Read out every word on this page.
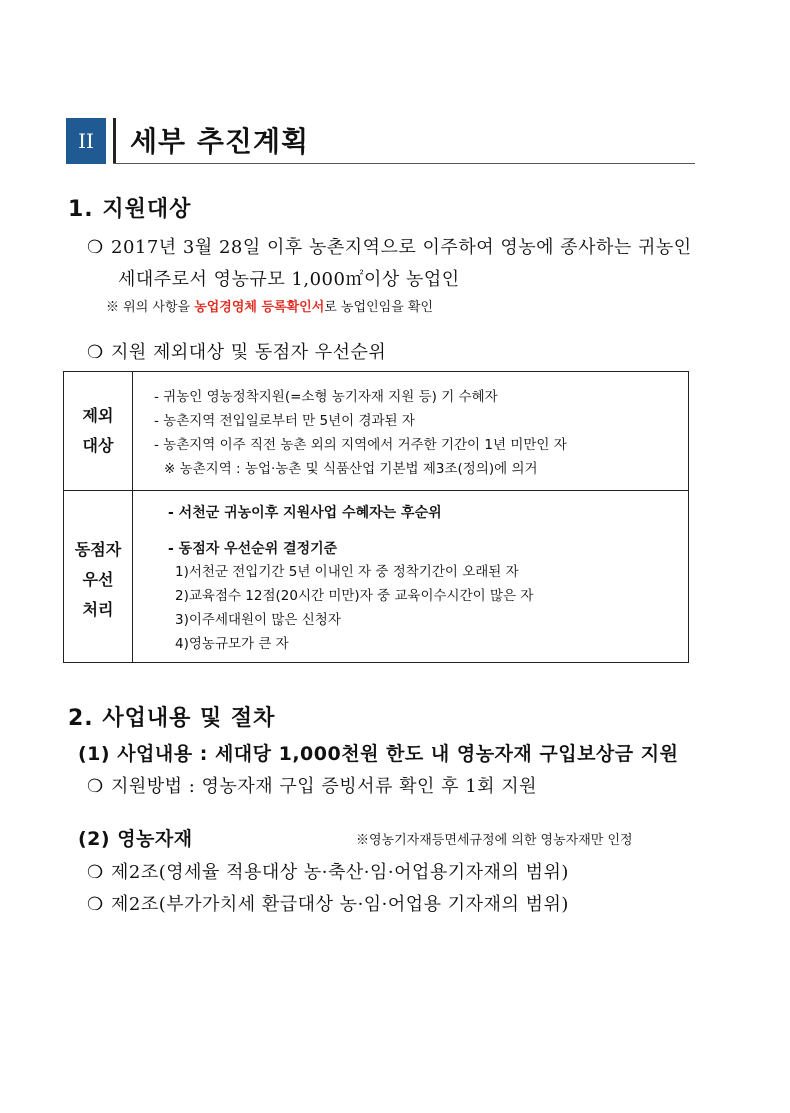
II 세부 추진계획
1. 지원대상
❍ 2017년 3월 28일 이후 농촌지역으로 이주하여 영농에 종사하는 귀농인
세대주로서 영농규모 1,000㎡이상 농업인
※ 위의 사항을 농업경영체 등록확인서로 농업인임을 확인
❍ 지원 제외대상 및 동점자 우선순위
제외
대상
- 귀농인 영농정착지원(=소형 농기자재 지원 등) 기 수혜자
- 농촌지역 전입일로부터 만 5년이 경과된 자
- 농촌지역 이주 직전 농촌 외의 지역에서 거주한 기간이 1년 미만인 자
※ 농촌지역 : 농업·농촌 및 식품산업 기본법 제3조(정의)에 의거
동점자
우선
처리
- 서천군 귀농이후 지원사업 수혜자는 후순위
- 동점자 우선순위 결정기준
1)서천군 전입기간 5년 이내인 자 중 정착기간이 오래된 자
2)교육점수 12점(20시간 미만)자 중 교육이수시간이 많은 자
3)이주세대원이 많은 신청자
4)영농규모가 큰 자
2. 사업내용 및 절차
(1) 사업내용 : 세대당 1,000천원 한도 내 영농자재 구입보상금 지원
❍ 지원방법 : 영농자재 구입 증빙서류 확인 후 1회 지원
(2) 영농자재	※영농기자재등면세규정에 의한 영농자재만 인정
❍ 제2조(영세율 적용대상 농·축산·임·어업용기자재의 범위)
❍ 제2조(부가가치세 환급대상 농·임·어업용 기자재의 범위)
